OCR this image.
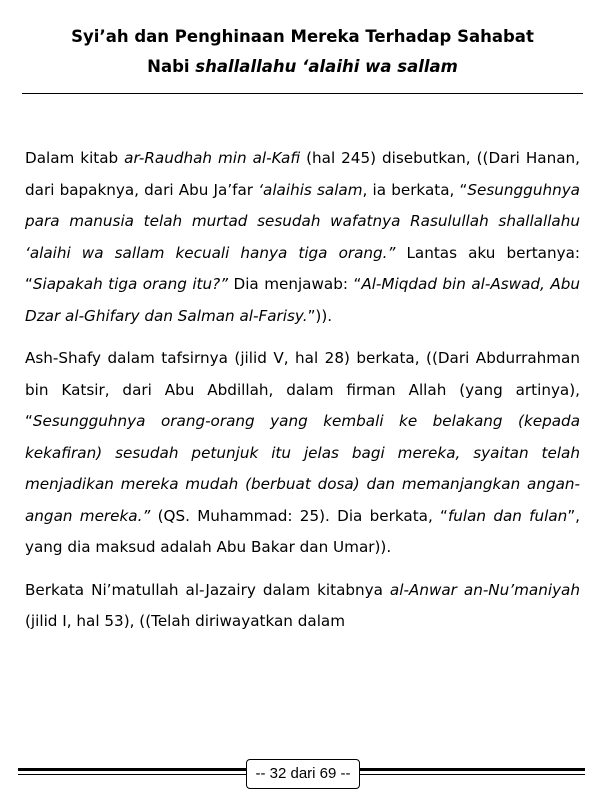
Syi’ah dan Penghinaan Mereka Terhadap Sahabat
Nabi shallallahu ‘alaihi wa sallam

Dalam kitab ar-Raudhah min al-Kafi (hal 245) disebutkan, ((Dari Hanan, dari bapaknya, dari Abu Ja’far ‘alaihis salam, ia berkata, “Sesungguhnya para manusia telah murtad sesudah wafatnya Rasulullah shallallahu ‘alaihi wa sallam kecuali hanya tiga orang.” Lantas aku bertanya: “Siapakah tiga orang itu?” Dia menjawab: “Al-Miqdad bin al-Aswad, Abu Dzar al-Ghifary dan Salman al-Farisy.”)).

Ash-Shafy dalam tafsirnya (jilid V, hal 28) berkata, ((Dari Abdurrahman bin Katsir, dari Abu Abdillah, dalam firman Allah (yang artinya), “Sesungguhnya orang-orang yang kembali ke belakang (kepada kekafiran) sesudah petunjuk itu jelas bagi mereka, syaitan telah menjadikan mereka mudah (berbuat dosa) dan memanjangkan angan-angan mereka.” (QS. Muhammad: 25). Dia berkata, “fulan dan fulan”, yang dia maksud adalah Abu Bakar dan Umar)).

Berkata Ni’matullah al-Jazairy dalam kitabnya al-Anwar an-Nu’maniyah (jilid I, hal 53), ((Telah diriwayatkan dalam

-- 32 dari 69 --
